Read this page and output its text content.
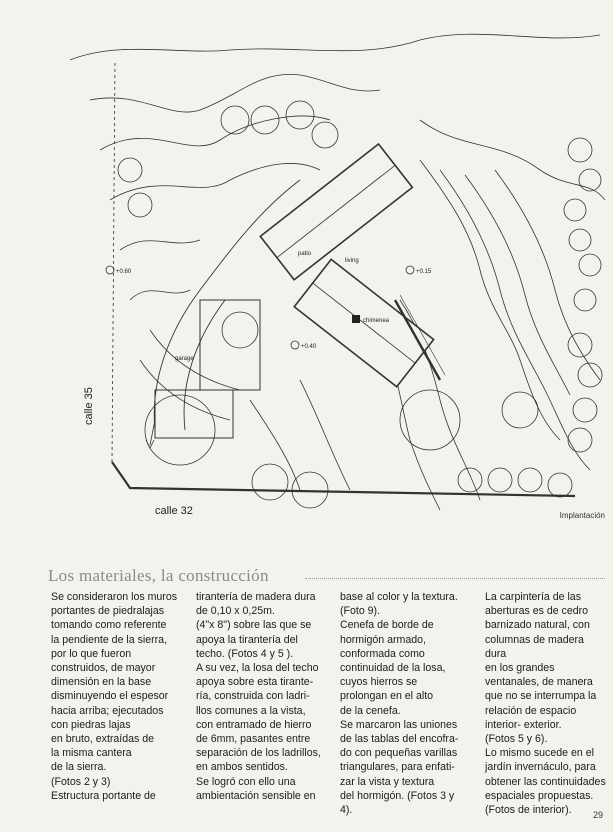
+0.60	+0.15
+0.40
patio
living
chimenea
garage
calle 35
calle 32	Implantación
Los materiales, la construcción

Se consideraron los muros

portantes de piedralajas

tomando como referente

la pendiente de la sierra,

por lo que fueron

construidos, de mayor

dimensión en la base

disminuyendo el espesor

hacia arriba; ejecutados

con piedras lajas

en bruto, extraídas de

la misma cantera

de la sierra.

(Fotos 2 y 3)

Estructura portante de

tirantería de madera dura

de 0,10 x 0,25m.

(4"x 8") sobre las que se

apoya la tirantería del

techo. (Fotos 4 y 5 ).

A su vez, la losa del techo

apoya sobre esta tirante-

ría, construida con ladri-

llos comunes a la vista,

con entramado de hierro

de 6mm, pasantes entre

separación de los ladrillos,

en ambos sentidos.

Se logró con ello una

ambientación sensible en

base al color y la textura.

(Foto 9).

Cenefa de borde de

hormigón armado,

conformada como

continuidad de la losa,

cuyos hierros se

prolongan en el alto

de la cenefa.

Se marcaron las uniones

de las tablas del encofra-

do con pequeñas varillas

triangulares, para enfati-

zar la vista y textura

del hormigón. (Fotos 3 y 4).

La carpintería de las

aberturas es de cedro

barnizado natural, con

columnas de madera dura

en los grandes

ventanales, de manera

que no se interrumpa la

relación de espacio

interior- exterior.

(Fotos 5 y 6).

Lo mismo sucede en el

jardín invernáculo, para

obtener las continuidades

espaciales propuestas.

(Fotos de interior).	29
